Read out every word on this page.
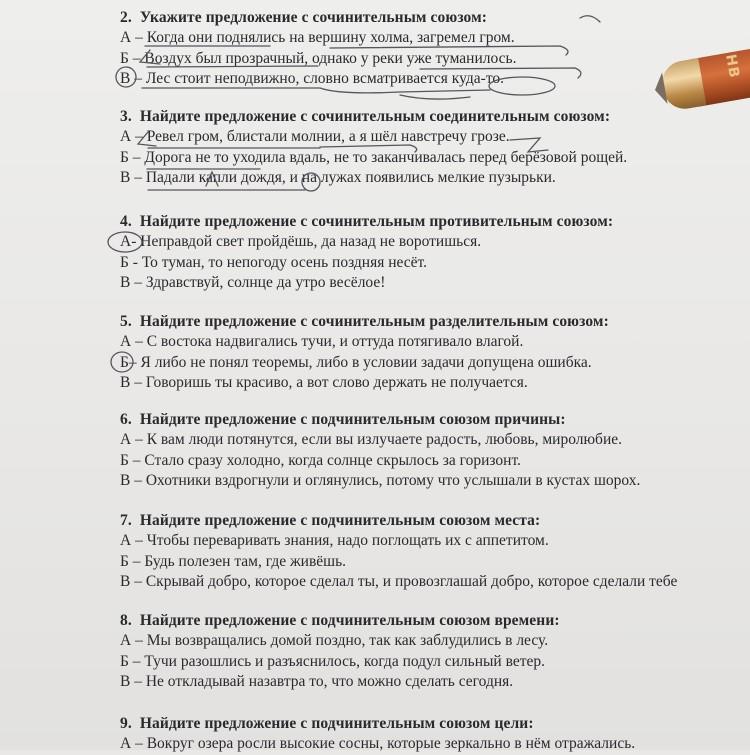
2. Укажите предложение с сочинительным союзом:
А – Когда они поднялись на вершину холма, загремел гром.
Б – Воздух был прозрачный, однако у реки уже туманилось.
В – Лес стоит неподвижно, словно всматривается куда-то.
3. Найдите предложение с сочинительным соединительным союзом:
А – Ревел гром, блистали молнии, а я шёл навстречу грозе.
Б – Дорога не то уходила вдаль, не то заканчивалась перед берёзовой рощей.
В – Падали капли дождя, и на лужах появились мелкие пузырьки.
4. Найдите предложение с сочинительным противительным союзом:
А- Неправдой свет пройдёшь, да назад не воротишься.
Б - То туман, то непогоду осень поздняя несёт.
В – Здравствуй, солнце да утро весёлое!
5. Найдите предложение с сочинительным разделительным союзом:
А – С востока надвигались тучи, и оттуда потягивало влагой.
Б– Я либо не понял теоремы, либо в условии задачи допущена ошибка.
В – Говоришь ты красиво, а вот слово держать не получается.
6. Найдите предложение с подчинительным союзом причины:
А – К вам люди потянутся, если вы излучаете радость, любовь, миролюбие.
Б – Стало сразу холодно, когда солнце скрылось за горизонт.
В – Охотники вздрогнули и оглянулись, потому что услышали в кустах шорох.
7. Найдите предложение с подчинительным союзом места:
А – Чтобы переваривать знания, надо поглощать их с аппетитом.
Б – Будь полезен там, где живёшь.
В – Скрывай добро, которое сделал ты, и провозглашай добро, которое сделали тебе
8. Найдите предложение с подчинительным союзом времени:
А – Мы возвращались домой поздно, так как заблудились в лесу.
Б – Тучи разошлись и разъяснилось, когда подул сильный ветер.
В – Не откладывай назавтра то, что можно сделать сегодня.
9. Найдите предложение с подчинительным союзом цели:
А – Вокруг озера росли высокие сосны, которые зеркально в нём отражались.
HB
